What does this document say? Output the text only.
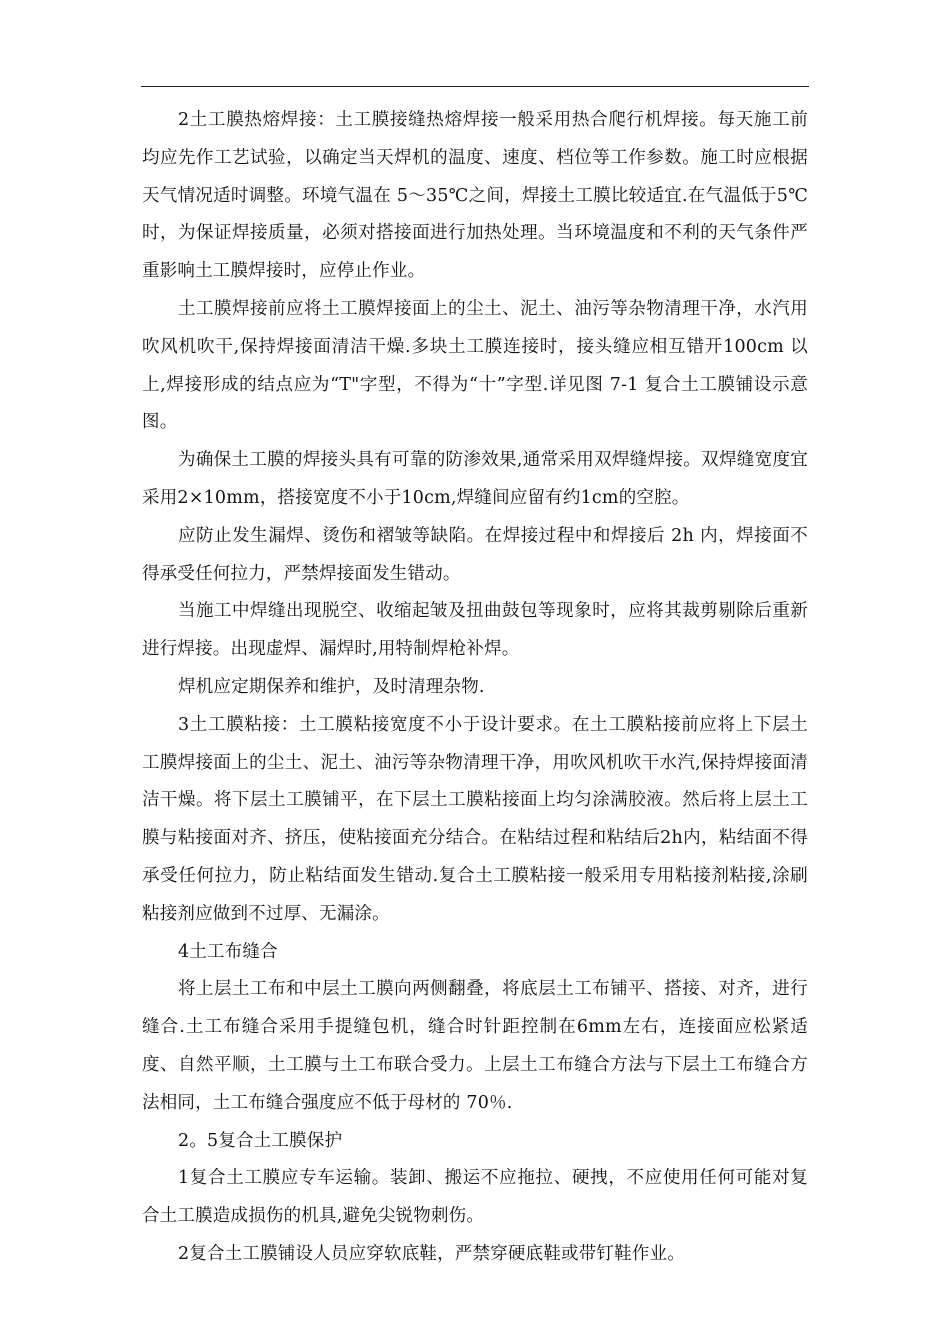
2土工膜热熔焊接：土工膜接缝热熔焊接一般采用热合爬行机焊接。每天施工前均应先作工艺试验，以确定当天焊机的温度、速度、档位等工作参数。施工时应根据天气情况适时调整。环境气温在 5～35℃之间，焊接土工膜比较适宜.在气温低于5℃时，为保证焊接质量，必须对搭接面进行加热处理。当环境温度和不利的天气条件严重影响土工膜焊接时，应停止作业。

土工膜焊接前应将土工膜焊接面上的尘土、泥土、油污等杂物清理干净，水汽用吹风机吹干,保持焊接面清洁干燥.多块土工膜连接时，接头缝应相互错开100cm 以上,焊接形成的结点应为“T"字型，不得为“十”字型.详见图 7-1 复合土工膜铺设示意图。

为确保土工膜的焊接头具有可靠的防渗效果,通常采用双焊缝焊接。双焊缝宽度宜采用2×10mm，搭接宽度不小于10cm,焊缝间应留有约1cm的空腔。

应防止发生漏焊、烫伤和褶皱等缺陷。在焊接过程中和焊接后 2h 内，焊接面不得承受任何拉力，严禁焊接面发生错动。

当施工中焊缝出现脱空、收缩起皱及扭曲鼓包等现象时，应将其裁剪剔除后重新进行焊接。出现虚焊、漏焊时,用特制焊枪补焊。

焊机应定期保养和维护，及时清理杂物.

3土工膜粘接：土工膜粘接宽度不小于设计要求。在土工膜粘接前应将上下层土工膜焊接面上的尘土、泥土、油污等杂物清理干净，用吹风机吹干水汽,保持焊接面清洁干燥。将下层土工膜铺平，在下层土工膜粘接面上均匀涂满胶液。然后将上层土工膜与粘接面对齐、挤压，使粘接面充分结合。在粘结过程和粘结后2h内，粘结面不得承受任何拉力，防止粘结面发生错动.复合土工膜粘接一般采用专用粘接剂粘接,涂刷粘接剂应做到不过厚、无漏涂。

4土工布缝合

将上层土工布和中层土工膜向两侧翻叠，将底层土工布铺平、搭接、对齐，进行缝合.土工布缝合采用手提缝包机，缝合时针距控制在6mm左右，连接面应松紧适度、自然平顺，土工膜与土工布联合受力。上层土工布缝合方法与下层土工布缝合方法相同，土工布缝合强度应不低于母材的 70％.

2。5复合土工膜保护

1复合土工膜应专车运输。装卸、搬运不应拖拉、硬拽，不应使用任何可能对复合土工膜造成损伤的机具,避免尖锐物刺伤。

2复合土工膜铺设人员应穿软底鞋，严禁穿硬底鞋或带钉鞋作业。
